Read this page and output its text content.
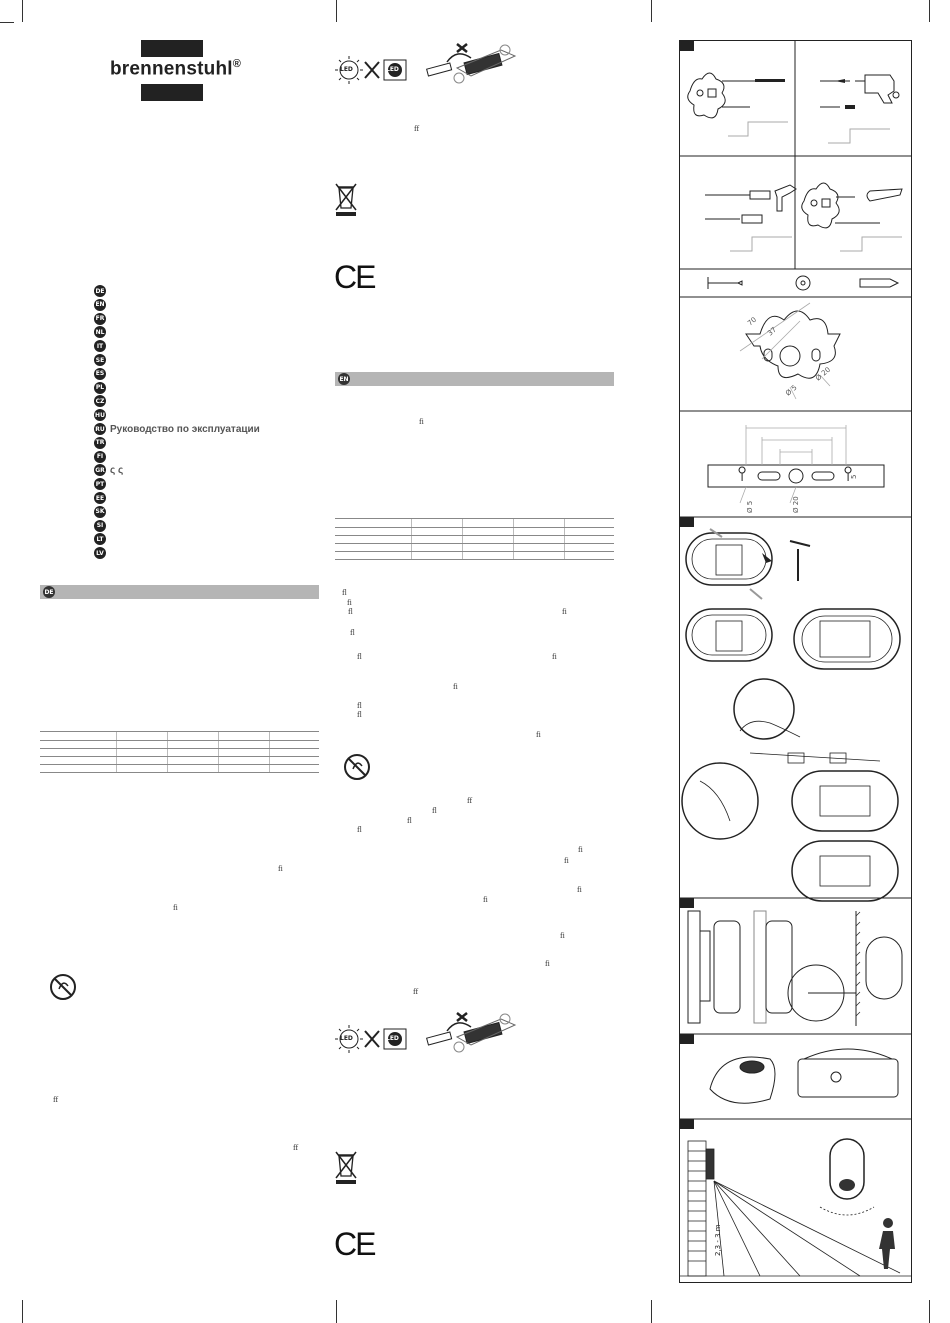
brennenstuhl®
DE
EN
FR
NL
IT
SE
ES
PL
CZ
HU
RU Руководство по эксплуатации
TR
FI
GR ς ς
PT
EE
SK
SI
LT
LV
DE

fi
fi
ff
ff
LED	LED
ff
CE
EN
fi

fl
fi
fl	fi
fl
fl	fi
fi
fl
fl
fi
ff
fl
fl
fl
fi
fi
fi
fi
fi
fi
ff
LED	LED
CE
70
37
Ø 20
Ø 5
Ø 5	Ø 20
5
2,3 - 3 m
